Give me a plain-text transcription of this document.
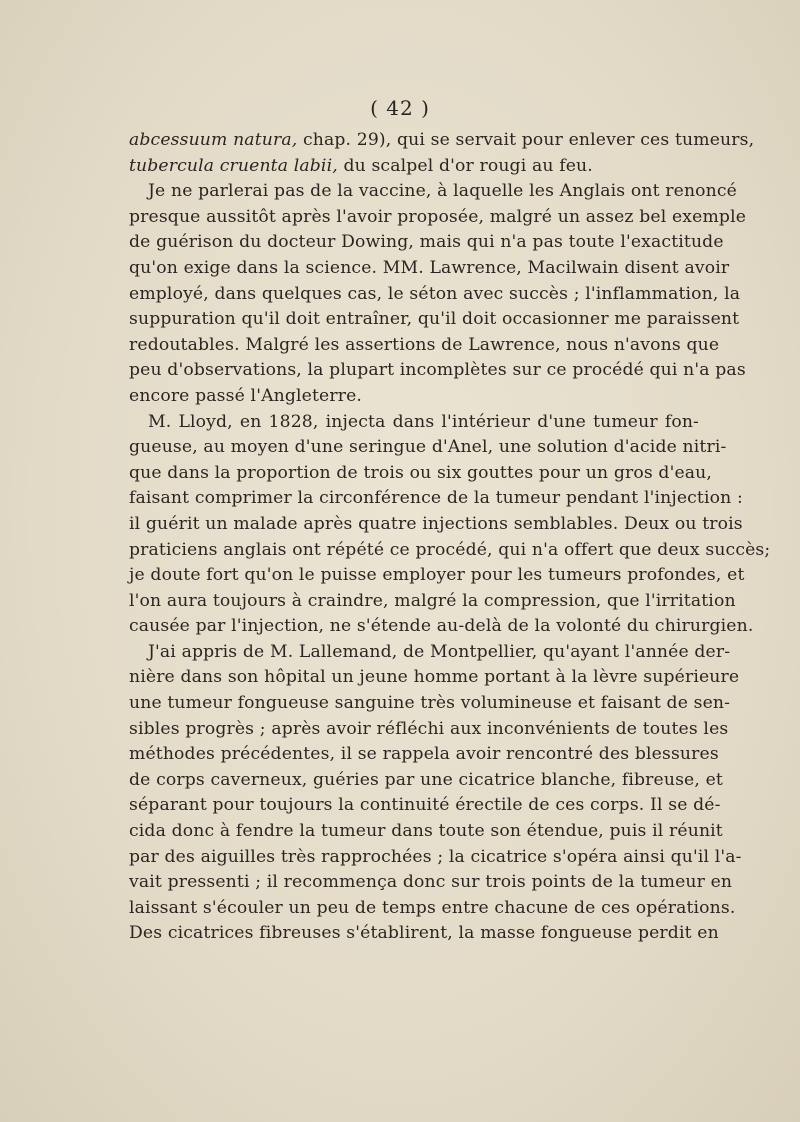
( 42 )
abcessuum natura, chap. 29), qui se servait pour enlever ces tumeurs,
tubercula cruenta labii, du scalpel d'or rougi au feu.
Je ne parlerai pas de la vaccine, à laquelle les Anglais ont renoncé
presque aussitôt après l'avoir proposée, malgré un assez bel exemple
de guérison du docteur Dowing, mais qui n'a pas toute l'exactitude
qu'on exige dans la science. MM. Lawrence, Macilwain disent avoir
employé, dans quelques cas, le séton avec succès ; l'inflammation, la
suppuration qu'il doit entraîner, qu'il doit occasionner me paraissent
redoutables. Malgré les assertions de Lawrence, nous n'avons que
peu d'observations, la plupart incomplètes sur ce procédé qui n'a pas
encore passé l'Angleterre.
M. Lloyd, en 1828, injecta dans l'intérieur d'une tumeur fon-
gueuse, au moyen d'une seringue d'Anel, une solution d'acide nitri-
que dans la proportion de trois ou six gouttes pour un gros d'eau,
faisant comprimer la circonférence de la tumeur pendant l'injection :
il guérit un malade après quatre injections semblables. Deux ou trois
praticiens anglais ont répété ce procédé, qui n'a offert que deux succès;
je doute fort qu'on le puisse employer pour les tumeurs profondes, et
l'on aura toujours à craindre, malgré la compression, que l'irritation
causée par l'injection, ne s'étende au-delà de la volonté du chirurgien.
J'ai appris de M. Lallemand, de Montpellier, qu'ayant l'année der-
nière dans son hôpital un jeune homme portant à la lèvre supérieure
une tumeur fongueuse sanguine très volumineuse et faisant de sen-
sibles progrès ; après avoir réfléchi aux inconvénients de toutes les
méthodes précédentes, il se rappela avoir rencontré des blessures
de corps caverneux, guéries par une cicatrice blanche, fibreuse, et
séparant pour toujours la continuité érectile de ces corps. Il se dé-
cida donc à fendre la tumeur dans toute son étendue, puis il réunit
par des aiguilles très rapprochées ; la cicatrice s'opéra ainsi qu'il l'a-
vait pressenti ; il recommença donc sur trois points de la tumeur en
laissant s'écouler un peu de temps entre chacune de ces opérations.
Des cicatrices fibreuses s'établirent, la masse fongueuse perdit en
